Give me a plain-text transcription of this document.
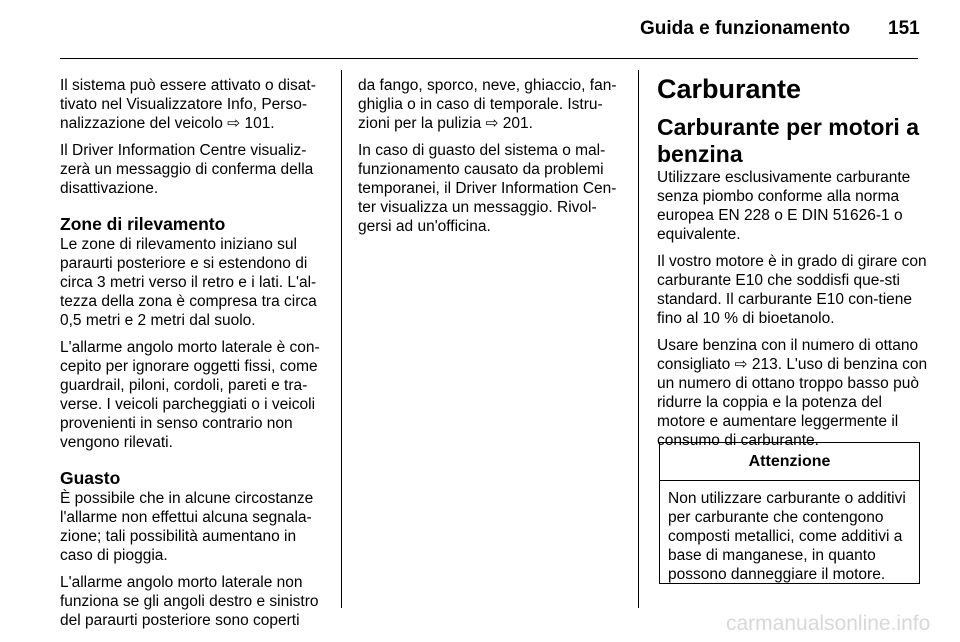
Guida e funzionamento 151

Il sistema può essere attivato o disat-tivato nel Visualizzatore Info, Perso-nalizzazione del veicolo ⇨ 101.

Il Driver Information Centre visualiz-zerà un messaggio di conferma della disattivazione.

Zone di rilevamento

Le zone di rilevamento iniziano sul paraurti posteriore e si estendono di circa 3 metri verso il retro e i lati. L'al-tezza della zona è compresa tra circa 0,5 metri e 2 metri dal suolo.

L'allarme angolo morto laterale è con-cepito per ignorare oggetti fissi, come guardrail, piloni, cordoli, pareti e tra-verse. I veicoli parcheggiati o i veicoli provenienti in senso contrario non vengono rilevati.

Guasto

È possibile che in alcune circostanze l'allarme non effettui alcuna segnala-zione; tali possibilità aumentano in caso di pioggia.

L'allarme angolo morto laterale non funziona se gli angoli destro e sinistro del paraurti posteriore sono coperti

da fango, sporco, neve, ghiaccio, fan-ghiglia o in caso di temporale. Istru-zioni per la pulizia ⇨ 201.

In caso di guasto del sistema o mal-funzionamento causato da problemi temporanei, il Driver Information Cen-ter visualizza un messaggio. Rivol-gersi ad un'officina.

Carburante
Carburante per motori a benzina

Utilizzare esclusivamente carburante senza piombo conforme alla norma europea EN 228 o E DIN 51626-1 o equivalente.

Il vostro motore è in grado di girare con carburante E10 che soddisfi que-sti standard. Il carburante E10 con-tiene fino al 10 % di bioetanolo.

Usare benzina con il numero di ottano consigliato ⇨ 213. L'uso di benzina con un numero di ottano troppo basso può ridurre la coppia e la potenza del motore e aumentare leggermente il consumo di carburante.

Attenzione
Non utilizzare carburante o additivi per carburante che contengono composti metallici, come additivi a base di manganese, in quanto possono danneggiare il motore.
carmanualsonline.info
